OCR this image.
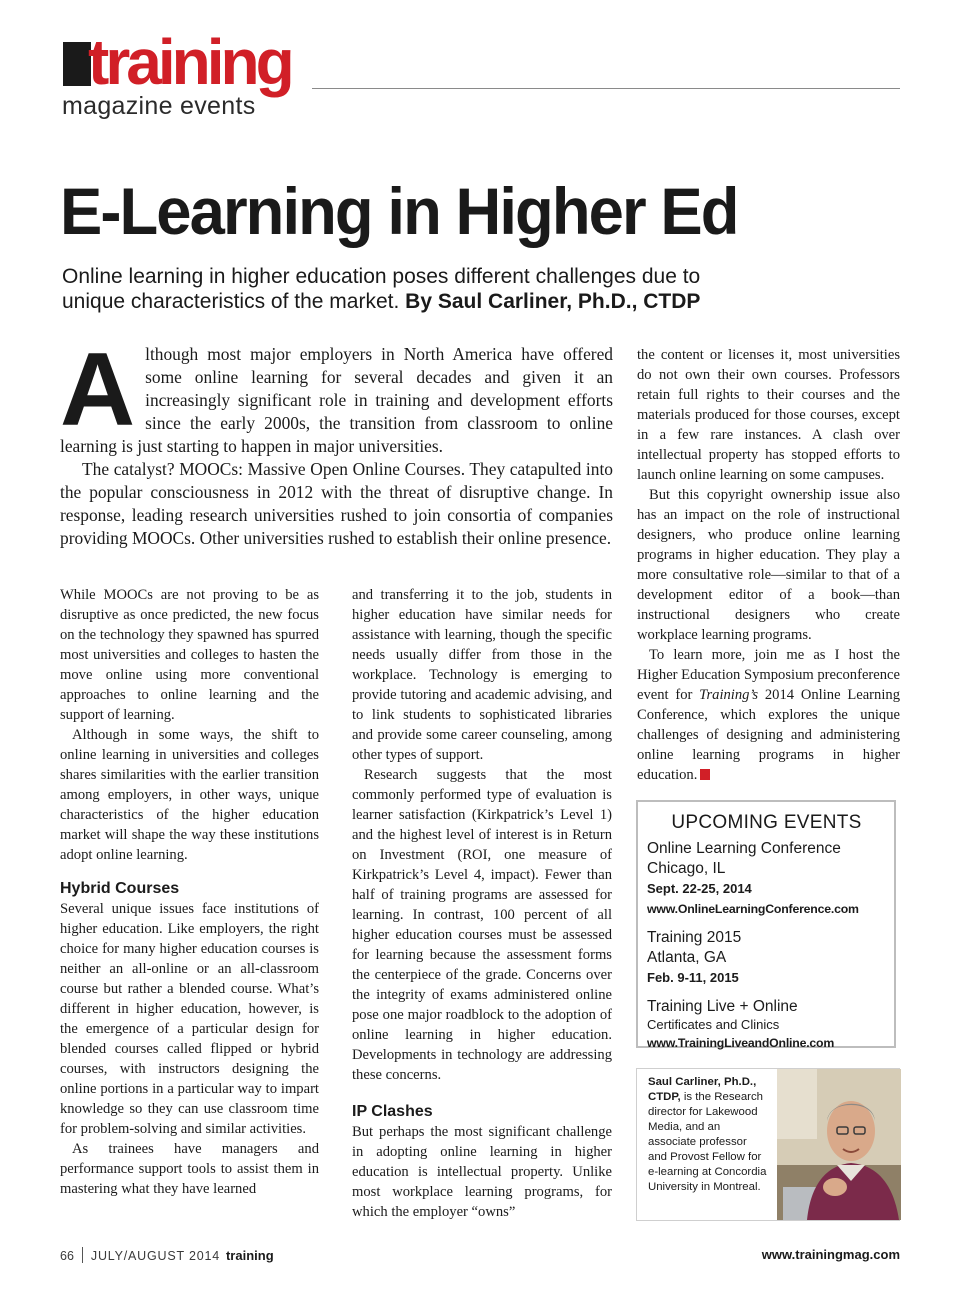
training
magazine events
E-Learning in Higher Ed
Online learning in higher education poses different challenges due to unique characteristics of the market. By Saul Carliner, Ph.D., CTDP

Although most major employers in North America have offered some online learning for several decades and given it an increasingly significant role in training and development efforts since the early 2000s, the transition from classroom to online learning is just starting to happen in major universities.

The catalyst? MOOCs: Massive Open Online Courses. They catapulted into the popular consciousness in 2012 with the threat of disruptive change. In response, leading research universities rushed to join consortia of companies providing MOOCs. Other universities rushed to establish their online presence.

While MOOCs are not proving to be as disruptive as once predicted, the new focus on the technology they spawned has spurred most universities and colleges to hasten the move online using more conventional approaches to online learning and the support of learning.

Although in some ways, the shift to online learning in universities and colleges shares similarities with the earlier transition among employers, in other ways, unique characteristics of the higher education market will shape the way these institutions adopt online learning.

Hybrid Courses

Several unique issues face institutions of higher education. Like employers, the right choice for many higher education courses is neither an all-online or an all-classroom course but rather a blended course. What’s different in higher education, however, is the emergence of a particular design for blended courses called flipped or hybrid courses, with instructors designing the online portions in a particular way to impart knowledge so they can use classroom time for problem-solving and similar activities.

As trainees have managers and performance support tools to assist them in mastering what they have learned

and transferring it to the job, students in higher education have similar needs for assistance with learning, though the specific needs usually differ from those in the workplace. Technology is emerging to provide tutoring and academic advising, and to link students to sophisticated libraries and provide some career counseling, among other types of support.

Research suggests that the most commonly performed type of evaluation is learner satisfaction (Kirkpatrick’s Level 1) and the highest level of interest is in Return on Investment (ROI, one measure of Kirkpatrick’s Level 4, impact). Fewer than half of training programs are assessed for learning. In contrast, 100 percent of all higher education courses must be assessed for learning because the assessment forms the centerpiece of the grade. Concerns over the integrity of exams administered online pose one major roadblock to the adoption of online learning in higher education. Developments in technology are addressing these concerns.

IP Clashes

But perhaps the most significant challenge in adopting online learning in higher education is intellectual property. Unlike most workplace learning programs, for which the employer “owns”

the content or licenses it, most universities do not own their own courses. Professors retain full rights to their courses and the materials produced for those courses, except in a few rare instances. A clash over intellectual property has stopped efforts to launch online learning on some campuses.

But this copyright ownership issue also has an impact on the role of instructional designers, who produce online learning programs in higher education. They play a more consultative role—similar to that of a development editor of a book—than instructional designers who create workplace learning programs.

To learn more, join me as I host the Higher Education Symposium preconference event for Training’s 2014 Online Learning Conference, which explores the unique challenges of designing and administering online learning programs in higher education.

UPCOMING EVENTS
Online Learning Conference
Chicago, IL
Sept. 22-25, 2014
www.OnlineLearningConference.com
Training 2015
Atlanta, GA
Feb. 9-11, 2015
Training Live + Online
Certificates and Clinics
www.TrainingLiveandOnline.com
Saul Carliner, Ph.D., CTDP, is the Research director for Lakewood Media, and an associate professor and Provost Fellow for e-learning at Concordia University in Montreal.
66 JULY/AUGUST 2014 training	www.trainingmag.com
